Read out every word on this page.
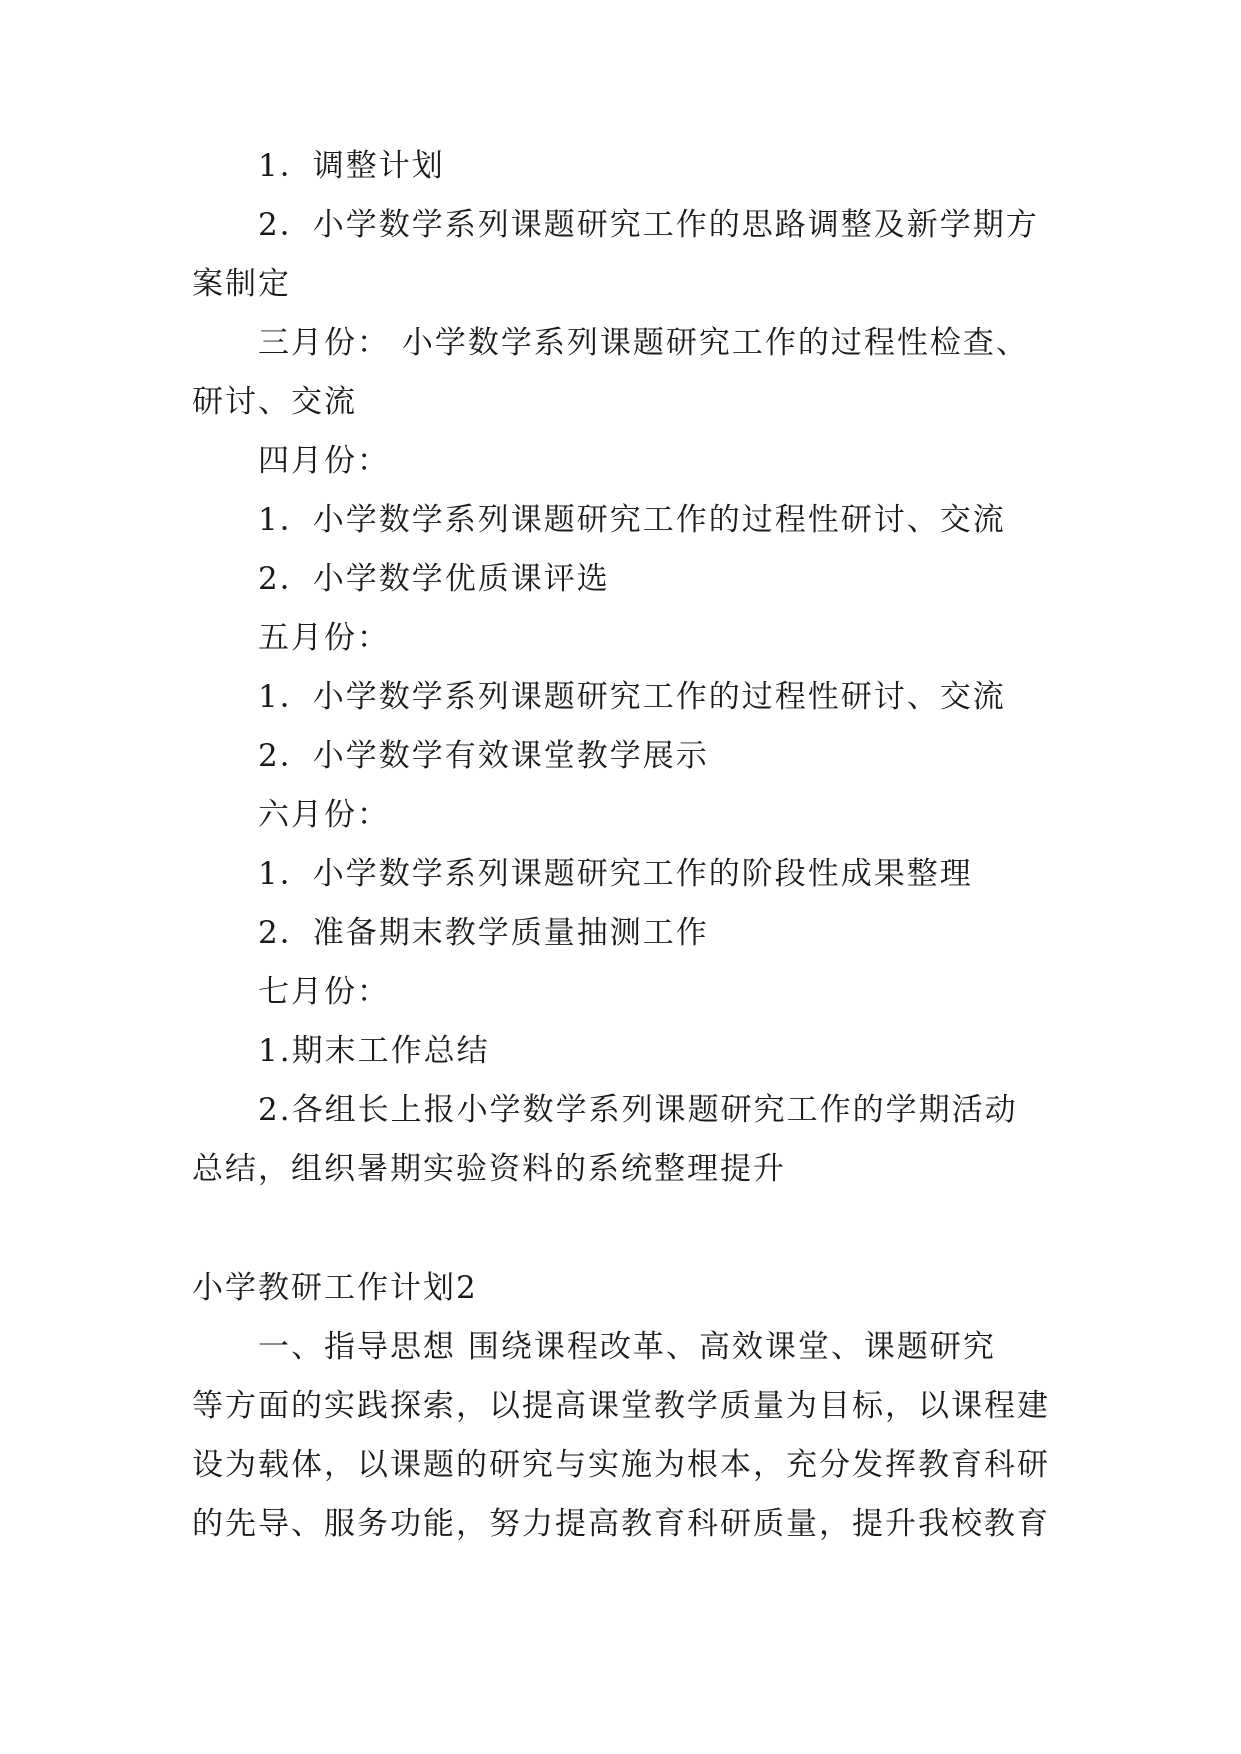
1．调整计划
2．小学数学系列课题研究工作的思路调整及新学期方
案制定
三月份： 小学数学系列课题研究工作的过程性检查、
研讨、交流
四月份：
1．小学数学系列课题研究工作的过程性研讨、交流
2．小学数学优质课评选
五月份：
1．小学数学系列课题研究工作的过程性研讨、交流
2．小学数学有效课堂教学展示
六月份：
1．小学数学系列课题研究工作的阶段性成果整理
2．准备期末教学质量抽测工作
七月份：
1.期末工作总结
2.各组长上报小学数学系列课题研究工作的学期活动
总结，组织暑期实验资料的系统整理提升
小学教研工作计划2
一、指导思想 围绕课程改革、高效课堂、课题研究
等方面的实践探索，以提高课堂教学质量为目标，以课程建
设为载体，以课题的研究与实施为根本，充分发挥教育科研
的先导、服务功能，努力提高教育科研质量，提升我校教育
